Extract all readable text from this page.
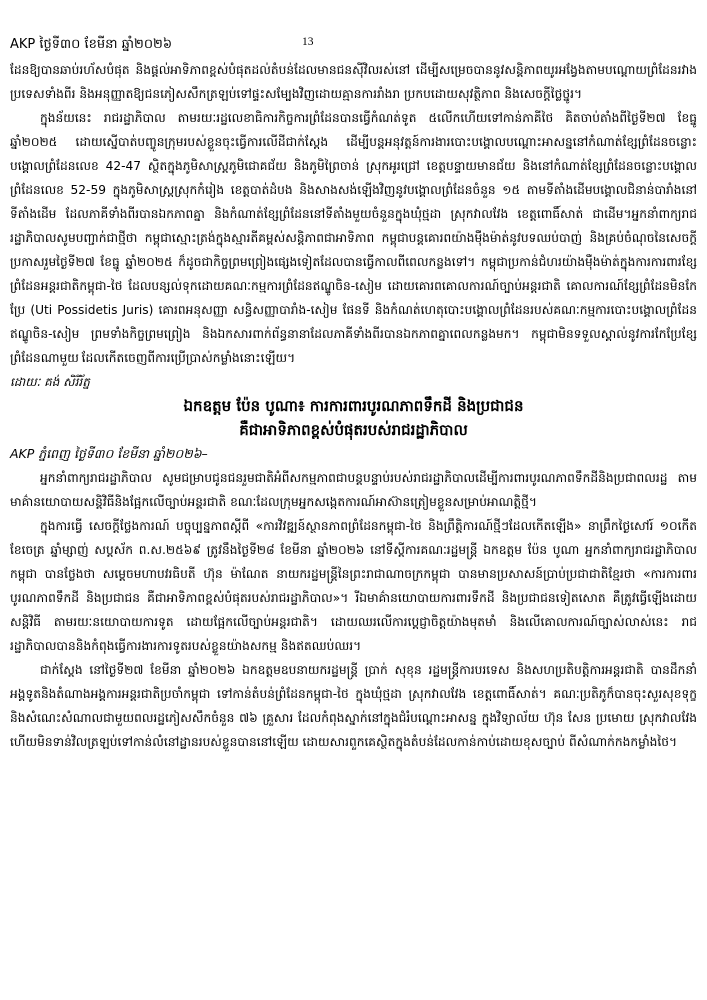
AKP ថ្ងៃទី៣០ ខែមីនា ឆ្នាំ២០២៦	13

ដែនឱ្យបានឆាប់រហ័សបំផុត និងផ្តល់អាទិភាពខ្ពស់បំផុតដល់តំបន់ដែលមានជនស៊ីវិលរស់នៅ ដើម្បីសម្រេចបាននូវសន្តិភាពយូរអង្វែងតាមបណ្តោយព្រំដែនរវាងប្រទេសទាំងពីរ និងអនុញ្ញាតឱ្យជនភៀសសឹកត្រឡប់ទៅផ្ទះសម្បែងវិញដោយគ្មានការរាំងរា ប្រកបដោយសុវត្ថិភាព និងសេចក្តីថ្លៃថ្នូរ។

ក្នុងន័យនេះ រាជរដ្ឋាភិបាល តាមរយៈរដ្ឋលេខាធិការកិច្ចការព្រំដែនបានធ្វើកំណត់ទូត ៥លើកហើយទៅកាន់ភាគីថៃ គិតចាប់តាំងពីថ្ងៃទី២៧ ខែធ្នូ ឆ្នាំ២០២៥ ដោយស្នើបាត់បញ្ចូនក្រុមរបស់ខ្លួនចុះធ្វើការលើដីជាក់ស្តែង ដើម្បីបន្តអនុវត្តន៍ការងារបោះបង្គោលបណ្តោះអាសន្ននៅកំណាត់ខ្សែព្រំដែនចន្លោះបង្គោលព្រំដែនលេខ 42-47 ស្ថិតក្នុងភូមិសាស្ត្រភូមិជោគជ័យ និងភូមិព្រៃចាន់ ស្រុកអូរជ្រៅ ខេត្តបន្ទាយមានជ័យ និងនៅកំណាត់ខ្សែព្រំដែនចន្លោះបង្គោលព្រំដែនលេខ 52-59 ក្នុងភូមិសាស្ត្រស្រុកកំរៀង ខេត្តបាត់ដំបង និងសាងសង់ឡើងវិញនូវបង្គោលព្រំដែនចំនួន ១៥ តាមទីតាំងដើមបង្គោលជិនាន់បារាំងនៅទីតាំងដើម ដែលភាគីទាំងពីរបានឯកភាពគ្នា និងកំណាត់ខ្សែព្រំដែននៅទីតាំងមួយចំនួនក្នុងឃុំថ្មដា ស្រុកវាលវែង ខេត្តពោធិ៍សាត់ ជាដើម។អ្នកនាំពាក្យរាជរដ្ឋាភិបាលសូមបញ្ជាក់ជាថ្មីថា កម្ពុជាស្មោះត្រង់ក្នុងស្មារតីគម្ពស់សន្តិភាពជាអាទិភាព កម្ពុជាបន្តគោរពយ៉ាងម៉ឺងម៉ាត់នូវបទឈប់បាញ់ និងគ្រប់ចំណុចនៃសេចក្តីប្រកាសរួមថ្ងៃទី២៧ ខែធ្នូ ឆ្នាំ២០២៥ ក៏ដូចជាកិច្ចព្រមព្រៀងផ្សេងទៀតដែលបានធ្វើកាលពីពេលកន្លងទៅ។ កម្ពុជាប្រកាន់ជំហរយ៉ាងម៉ឺងម៉ាត់ក្នុងការការពារខ្សែព្រំដែនអន្តរជាតិកម្ពុជា-ថៃ ដែលបន្សល់ទុកដោយគណៈកម្មការព្រំដែនឥណ្ឌូចិន-សៀម ដោយគោរពគោលការណ៍ច្បាប់អន្តរជាតិ គោលការណ៍ខ្សែព្រំដែនមិនកែប្រែ (Uti Possidetis Juris) គោរពអនុសញ្ញា សន្ធិសញ្ញាបារាំង-សៀម ផែនទី និងកំណត់ហេតុបោះបង្គោលព្រំដែនរបស់គណៈកម្មការបោះបង្គោលព្រំដែនឥណ្ឌូចិន-សៀម ព្រមទាំងកិច្ចព្រមព្រៀង និងឯកសារពាក់ព័ន្ធនានាដែលភាគីទាំងពីរបានឯកភាពគ្នាពេលកន្លងមក។ កម្ពុជាមិនទទួលស្គាល់នូវការកែប្រែខ្សែព្រំដែនណាមួយ ដែលកើតចេញពីការប្រើប្រាស់កម្លាំងនោះឡើយ។

ដោយៈ គង់ សិរីរ័ត្ន
ឯកឧត្តម ប៉ែន បូណា៖ ការការពារបូរណភាពទឹកដី និងប្រជាជន
គឺជាអាទិភាពខ្ពស់បំផុតរបស់រាជរដ្ឋាភិបាល
AKP ភ្នំពេញ ថ្ងៃទី៣០ ខែមីនា ឆ្នាំ២០២៦–

អ្នកនាំពាក្យរាជរដ្ឋាភិបាល សូមជម្រាបជូនជនរួមជាតិអំពីសកម្មភាពជាបន្តបន្ទាប់របស់រាជរដ្ឋាភិបាលដើម្បីការពារបូរណភាពទឹកដីនិងប្រជាពលរដ្ឋ តាមមាគ៌ានយោបាយសន្តិវិធីនិងផ្អែកលើច្បាប់អន្តរជាតិ ខណៈដែលក្រុមអ្នកសង្កេតការណ៍អាស៊ានត្រៀមខ្លួនសម្រាប់អាណត្តិថ្មី។

ក្នុងការធ្វើ សេចក្តីថ្លែងការណ៍ បច្ចុប្បន្នភាពស្តីពី «ការវិវឌ្ឍន៍ស្ថានភាពព្រំដែនកម្ពុជា-ថៃ និងព្រឹត្តិការណ៍ថ្មីៗដែលកើតឡើង» នាព្រឹកថ្ងៃសៅរ៍ ១០កើត ខែចេត្រ ឆ្នាំម្សាញ់ សប្តស័ក ព.ស.២៥៦៩ ត្រូវនឹងថ្ងៃទី២៨ ខែមីនា ឆ្នាំ២០២៦ នៅទីស្តីការគណៈរដ្ឋមន្ត្រី ឯកឧត្តម ប៉ែន បូណា អ្នកនាំពាក្យរាជរដ្ឋាភិបាលកម្ពុជា បានថ្លែងថា សម្តេចមហាបវរធិបតី ហ៊ុន ម៉ាណែត នាយករដ្ឋមន្ត្រីនៃព្រះរាជាណាចក្រកម្ពុជា បានមានប្រសាសន៍ប្រាប់ប្រជាជាតិខ្មែរថា «ការការពារបូរណភាពទឹកដី និងប្រជាជន គឺជាអាទិភាពខ្ពស់បំផុតរបស់រាជរដ្ឋាភិបាល»។ រីឯមាគ៌ានយោបាយការពារទឹកដី និងប្រជាជនទៀតសោត គឺត្រូវធ្វើឡើងដោយសន្តិវិធី តាមរយៈនយោបាយការទូត ដោយផ្អែកលើច្បាប់អន្តរជាតិ។ ដោយឈរលើការប្តេជ្ញាចិត្តយ៉ាងមុតមាំ និងលើគោលការណ៍ច្បាស់លាស់នេះ រាជរដ្ឋាភិបាលបាននិងកំពុងធ្វើការងារការទូតរបស់ខ្លួនយ៉ាងសកម្ម និងឥតឈប់ឈរ។

ជាក់ស្តែង នៅថ្ងៃទី២៧ ខែមីនា ឆ្នាំ២០២៦ ឯកឧត្តមឧបនាយករដ្ឋមន្ត្រី ប្រាក់ សុខុន រដ្ឋមន្ត្រីការបរទេស និងសហប្រតិបត្តិការអន្តរជាតិ បានដឹកនាំអង្គទូតនិងតំណាងអង្គការអន្តរជាតិប្រចាំកម្ពុជា ទៅកាន់តំបន់ព្រំដែនកម្ពុជា-ថៃ ក្នុងឃុំថ្មដា ស្រុកវាលវែង ខេត្តពោធិ៍សាត់។ គណៈប្រតិភូក៏បានចុះសួរសុខទុក្ខនិងសំណេះសំណាលជាមួយពលរដ្ឋភៀសសឹកចំនួន ៧៦ គ្រួសារ ដែលកំពុងស្នាក់នៅក្នុងជំរំបណ្តោះអាសន្ន ក្នុងវិទ្យាល័យ ហ៊ុន សែន ប្រមោយ ស្រុកវាលវែង ហើយមិនទាន់វិលត្រឡប់ទៅកាន់លំនៅដ្ឋានរបស់ខ្លួនបាននៅឡើយ ដោយសារពួកគេស្ថិតក្នុងតំបន់ដែលកាន់កាប់ដោយខុសច្បាប់ ពីសំណាក់កងកម្លាំងថៃ។
